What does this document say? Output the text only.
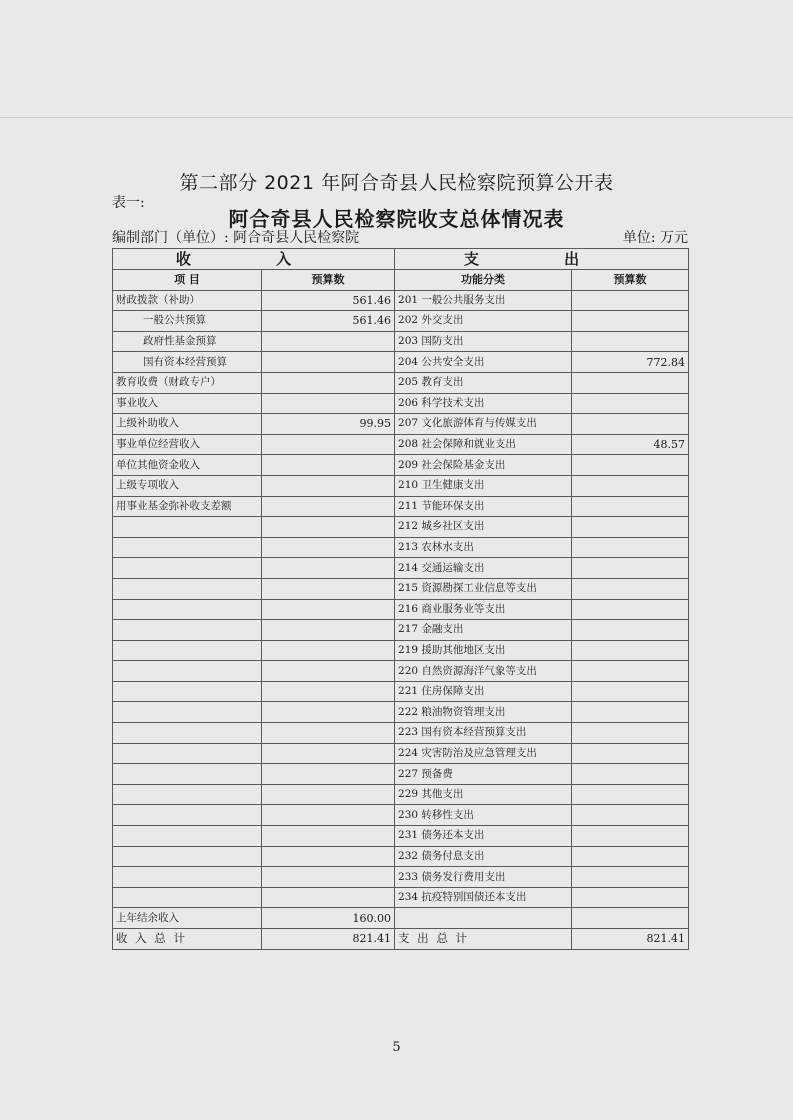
第二部分 2021 年阿合奇县人民检察院预算公开表
表一:
阿合奇县人民检察院收支总体情况表
编制部门（单位）: 阿合奇县人民检察院	单位: 万元
收 入		支 出	
项 目	预算数	功能分类	预算数
财政拨款（补助）	561.46	201 一般公共服务支出	
一般公共预算	561.46	202 外交支出	
政府性基金预算		203 国防支出	
国有资本经营预算		204 公共安全支出	772.84
教育收费（财政专户）		205 教育支出	
事业收入		206 科学技术支出	
上级补助收入	99.95	207 文化旅游体育与传媒支出	
事业单位经营收入		208 社会保障和就业支出	48.57
单位其他资金收入		209 社会保险基金支出	
上级专项收入		210 卫生健康支出	
用事业基金弥补收支差额		211 节能环保支出	
		212 城乡社区支出	
		213 农林水支出	
		214 交通运输支出	
		215 资源勘探工业信息等支出	
		216 商业服务业等支出	
		217 金融支出	
		219 援助其他地区支出	
		220 自然资源海洋气象等支出	
		221 住房保障支出	
		222 粮油物资管理支出	
		223 国有资本经营预算支出	
		224 灾害防治及应急管理支出	
		227 预备费	
		229 其他支出	
		230 转移性支出	
		231 债务还本支出	
		232 债务付息支出	
		233 债务发行费用支出	
		234 抗疫特别国债还本支出	
上年结余收入	160.00		
收 入 总 计	821.41	支 出 总 计	821.41
5
